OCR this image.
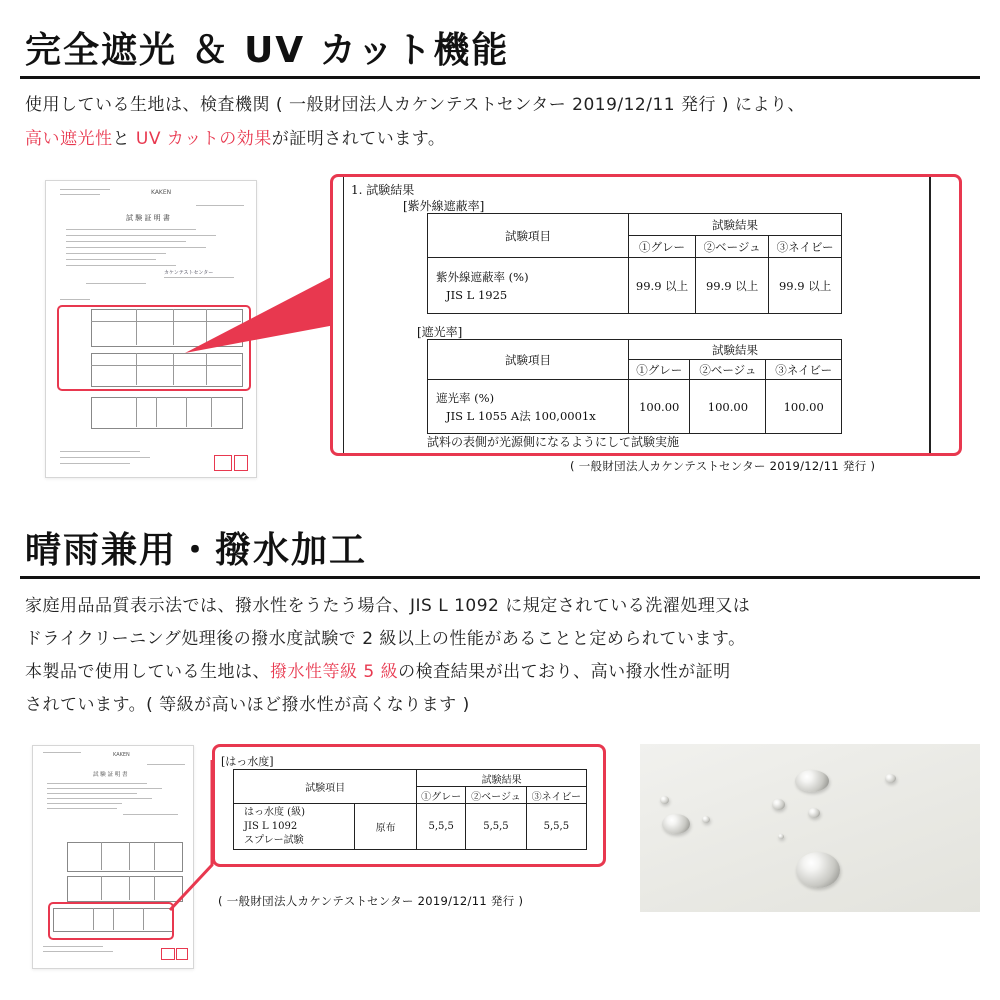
完全遮光 ＆ UV カット機能
使用している生地は、検査機関 ( 一般財団法人カケンテストセンター 2019/12/11 発行 ) により、
高い遮光性と UV カットの効果が証明されています。
KAKEN
試 験 証 明 書
カケンテストセンター
1. 試験結果
[紫外線遮蔽率]
試験項目	試験結果		
	①グレー	②ベージュ	③ネイビー

紫外線遮蔽率 (%)
JIS L 1925	99.9 以上	99.9 以上	99.9 以上
[遮光率]
試験項目	試験結果		
	①グレー	②ベージュ	③ネイビー

遮光率 (%)
JIS L 1055 A法 100,0001x	100.00	100.00	100.00
試料の表側が光源側になるようにして試験実施
( 一般財団法人カケンテストセンター 2019/12/11 発行 )
晴雨兼用・撥水加工
家庭用品品質表示法では、撥水性をうたう場合、JIS L 1092 に規定されている洗濯処理又は
ドライクリーニング処理後の撥水度試験で 2 級以上の性能があることと定められています。
本製品で使用している生地は、撥水性等級 5 級の検査結果が出ており、高い撥水性が証明
されています。( 等級が高いほど撥水性が高くなります )
KAKEN
試 験 証 明 書
[はっ水度]
試験項目		試験結果		
		①グレー	②ベージュ	③ネイビー

はっ水度 (級)
JIS L 1092
スプレー試験	原布	5,5,5	5,5,5	5,5,5
( 一般財団法人カケンテストセンター 2019/12/11 発行 )
